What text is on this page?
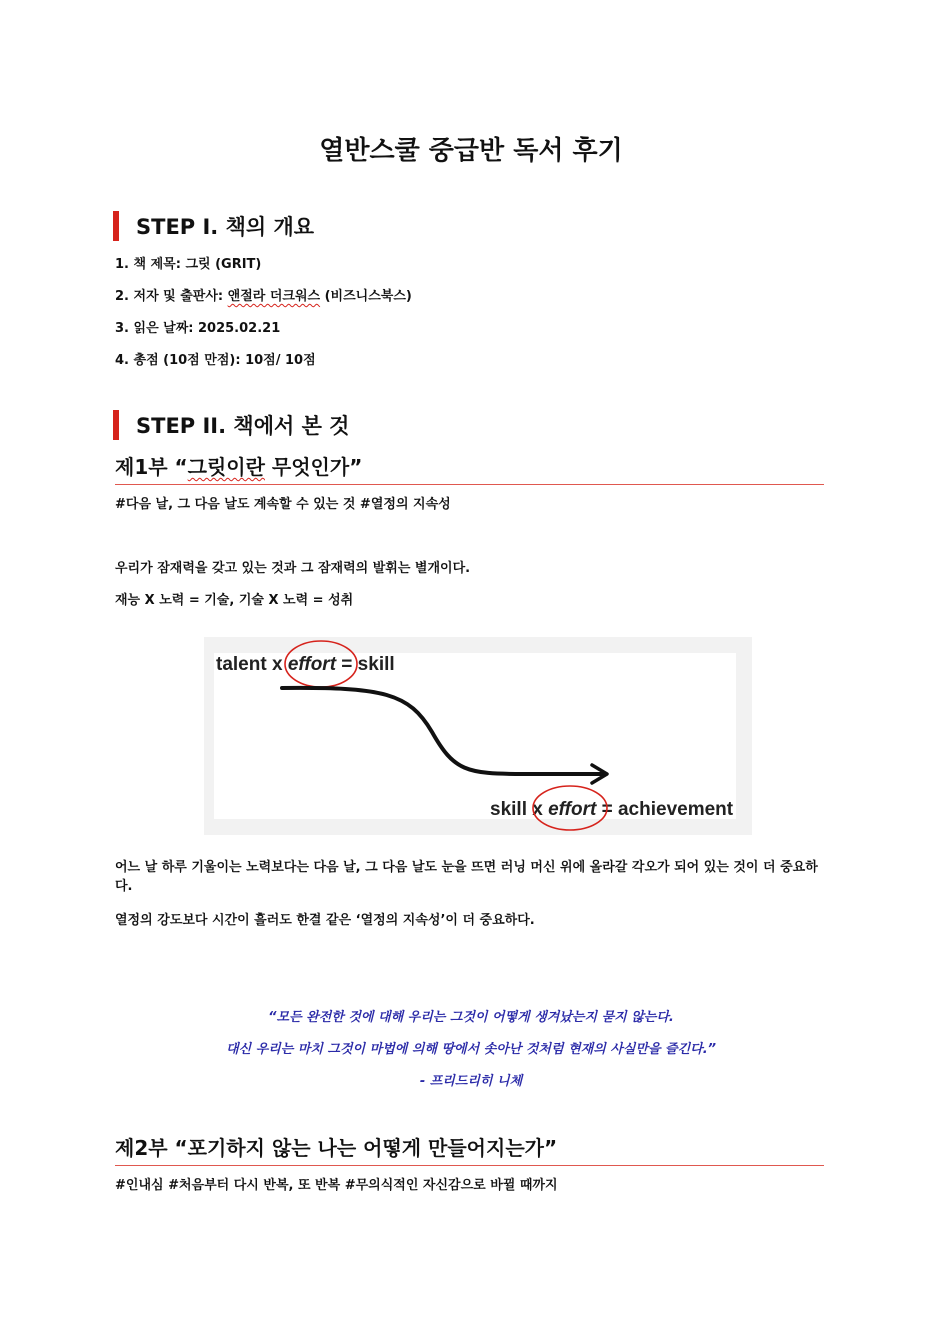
열반스쿨 중급반 독서 후기
STEP I. 책의 개요
1. 책 제목: 그릿 (GRIT)
2. 저자 및 출판사: 앤절라 더크워스 (비즈니스북스)
3. 읽은 날짜: 2025.02.21
4. 총점 (10점 만점): 10점/ 10점
STEP II. 책에서 본 것
제1부 “그릿이란 무엇인가”
#다음 날, 그 다음 날도 계속할 수 있는 것 #열정의 지속성
우리가 잠재력을 갖고 있는 것과 그 잠재력의 발휘는 별개이다.
재능 X 노력 = 기술, 기술 X 노력 = 성취
talent x effort = skill
skill x effort = achievement
어느 날 하루 기울이는 노력보다는 다음 날, 그 다음 날도 눈을 뜨면 러닝 머신 위에 올라갈 각오가 되어 있는 것이 더 중요하다.
열정의 강도보다 시간이 흘러도 한결 같은 ‘열정의 지속성’이 더 중요하다.
“모든 완전한 것에 대해 우리는 그것이 어떻게 생겨났는지 묻지 않는다.
대신 우리는 마치 그것이 마법에 의해 땅에서 솟아난 것처럼 현재의 사실만을 즐긴다.”
- 프리드리히 니체
제2부 “포기하지 않는 나는 어떻게 만들어지는가”
#인내심 #처음부터 다시 반복, 또 반복 #무의식적인 자신감으로 바뀔 때까지
